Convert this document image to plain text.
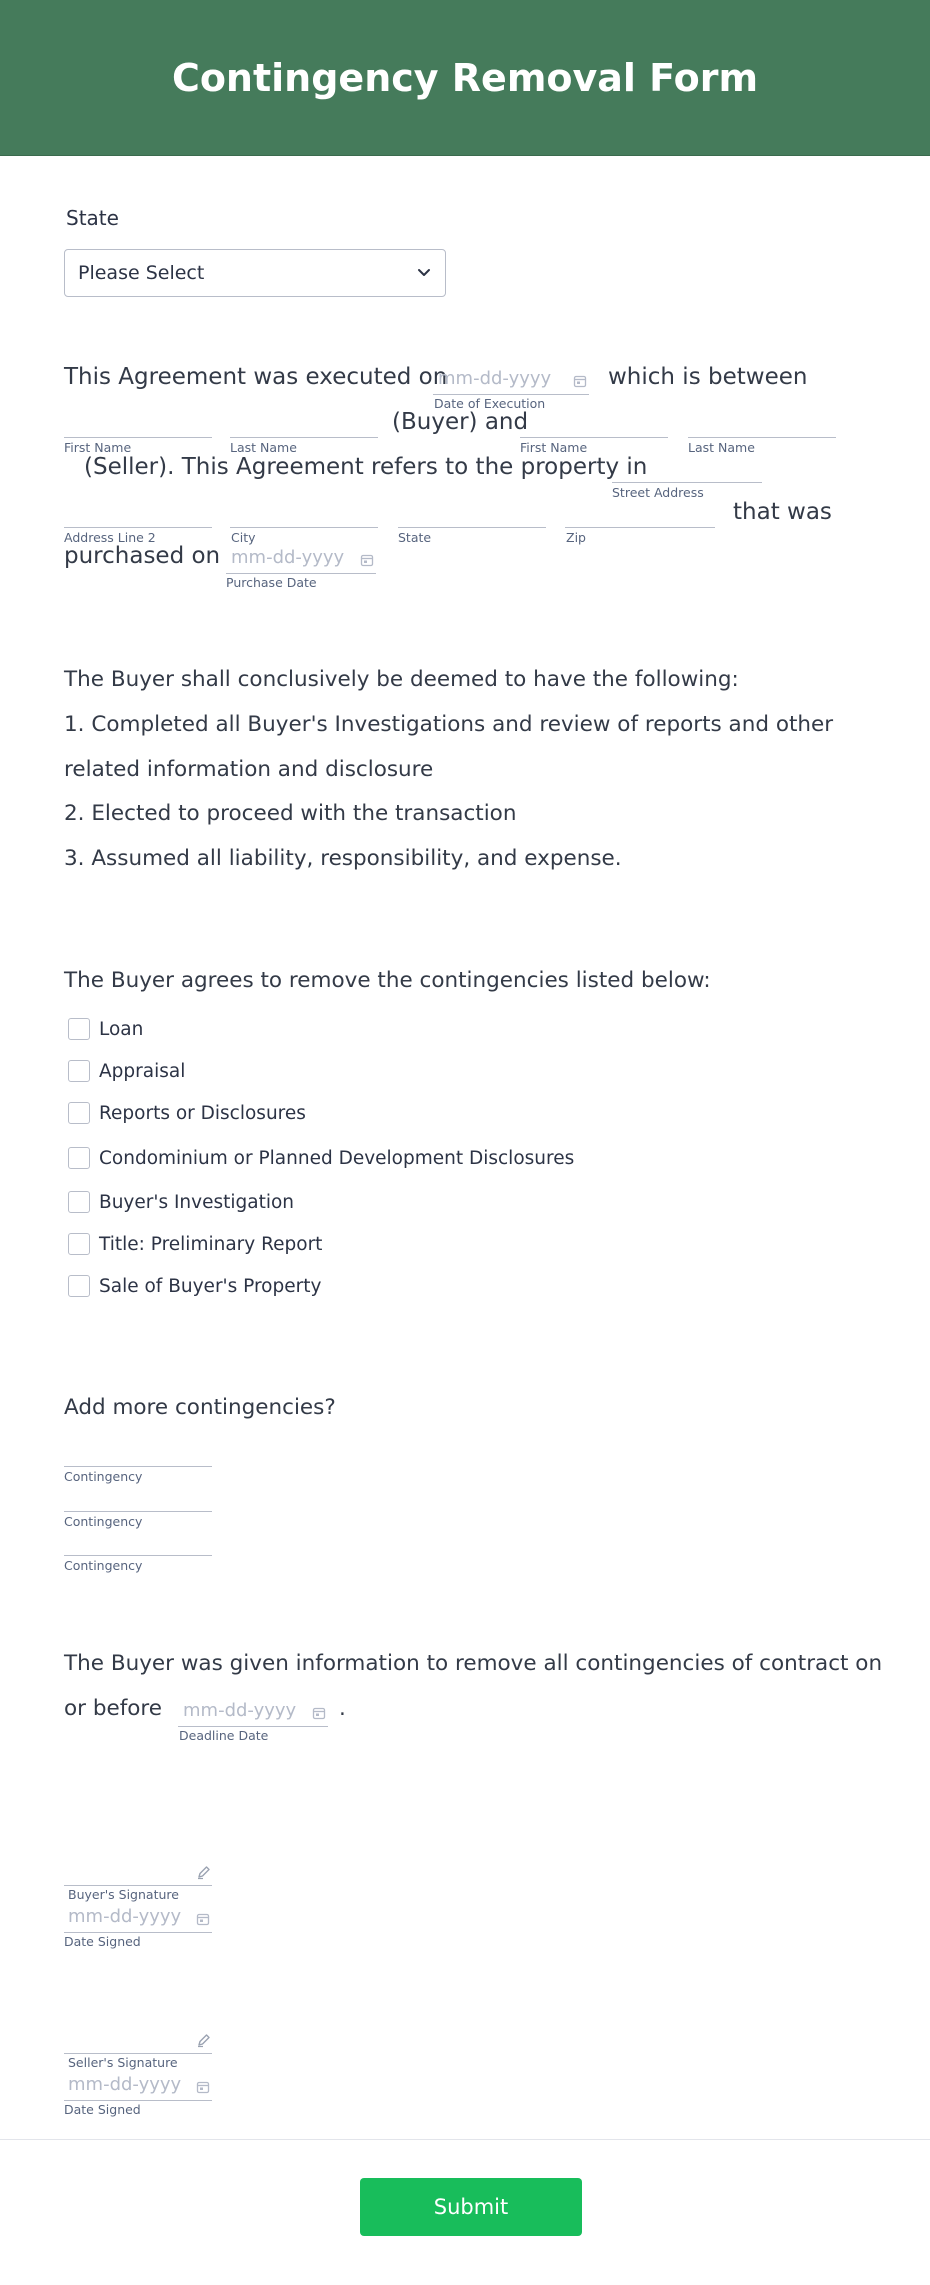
Contingency Removal Form
State
Please Select
This Agreement was executed on
mm-dd-yyyy
Date of Execution
which is between
First Name	Last Name
(Buyer) and
First Name	Last Name
(Seller). This Agreement refers to the property in
Street Address
Address Line 2	City	State	Zip
that was
purchased on mm-dd-yyyy
Purchase Date
The Buyer shall conclusively be deemed to have the following:
1. Completed all Buyer's Investigations and review of reports and other
related information and disclosure
2. Elected to proceed with the transaction
3. Assumed all liability, responsibility, and expense.
The Buyer agrees to remove the contingencies listed below:
Loan
Appraisal
Reports or Disclosures
Condominium or Planned Development Disclosures
Buyer's Investigation
Title: Preliminary Report
Sale of Buyer's Property
Add more contingencies?
Contingency
Contingency
Contingency
The Buyer was given information to remove all contingencies of contract on
or before mm-dd-yyyy
Deadline Date
.
Buyer's Signature
mm-dd-yyyy
Date Signed
Seller's Signature
mm-dd-yyyy
Date Signed
Submit
